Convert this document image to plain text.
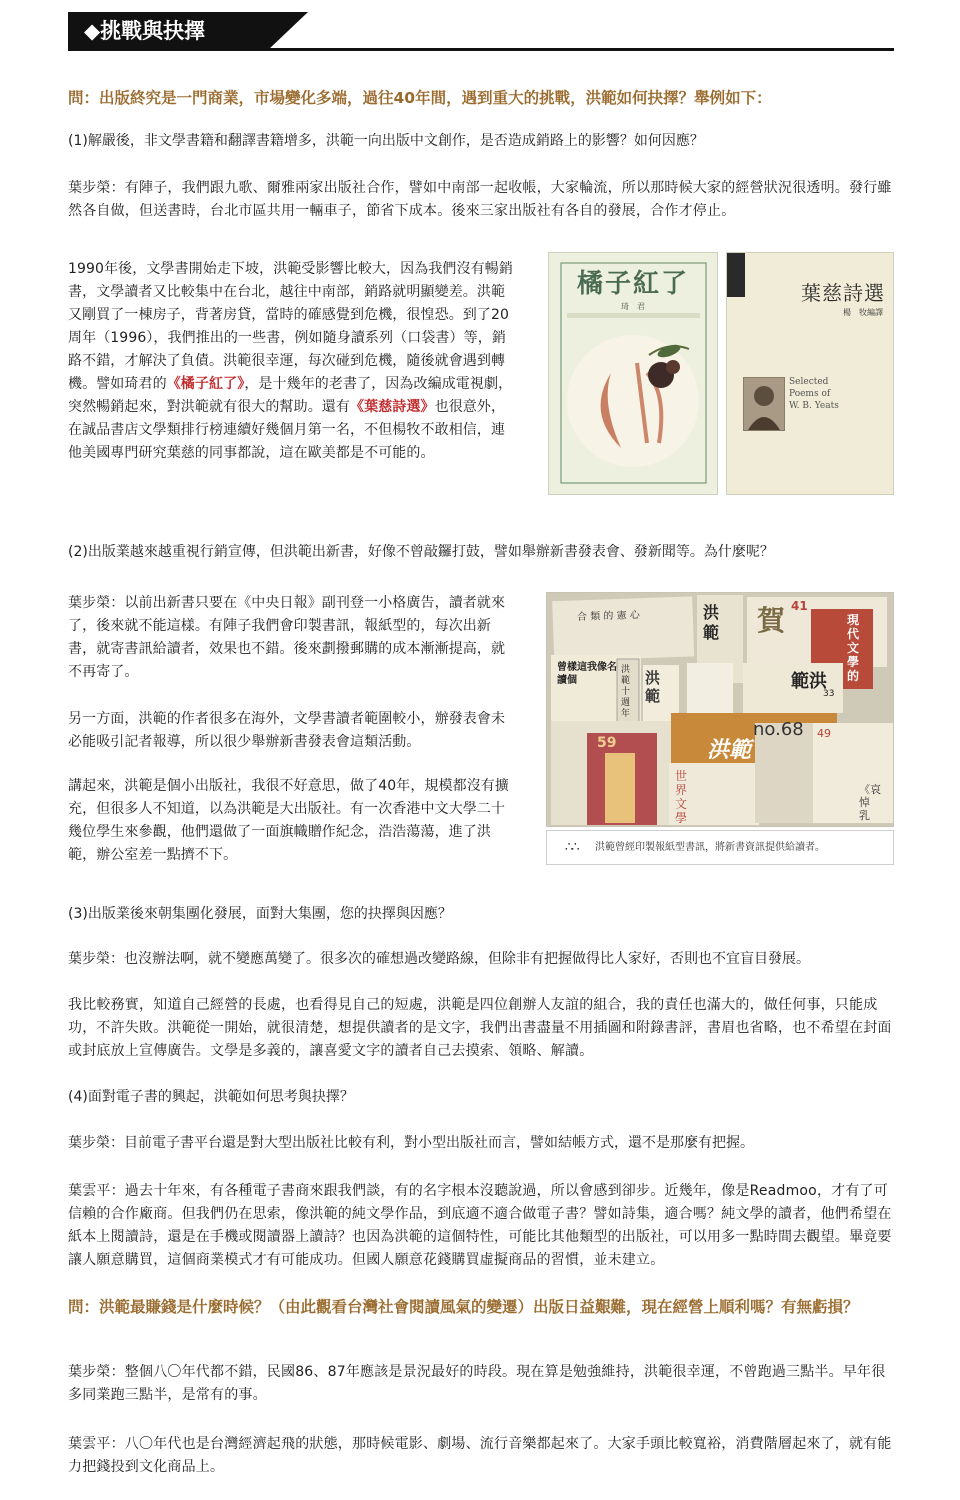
◆挑戰與抉擇

問：出版終究是一門商業，市場變化多端，過往40年間，遇到重大的挑戰，洪範如何抉擇？舉例如下：

(1)解嚴後，非文學書籍和翻譯書籍增多，洪範一向出版中文創作，是否造成銷路上的影響？如何因應？

葉步榮：有陣子，我們跟九歌、爾雅兩家出版社合作，譬如中南部一起收帳，大家輪流，所以那時候大家的經營狀況很透明。發行雖然各自做，但送書時，台北市區共用一輛車子，節省下成本。後來三家出版社有各自的發展，合作才停止。

1990年後，文學書開始走下坡，洪範受影響比較大，因為我們沒有暢銷書，文學讀者又比較集中在台北，越往中南部，銷路就明顯變差。洪範又剛買了一棟房子，背著房貸，當時的確感覺到危機，很惶恐。到了20周年（1996），我們推出的一些書，例如隨身讀系列（口袋書）等，銷路不錯，才解決了負債。洪範很幸運，每次碰到危機，隨後就會遇到轉機。譬如琦君的《橘子紅了》，是十幾年的老書了，因為改編成電視劇，突然暢銷起來，對洪範就有很大的幫助。還有《葉慈詩選》也很意外，在誠品書店文學類排行榜連續好幾個月第一名，不但楊牧不敢相信，連他美國專門研究葉慈的同事都說，這在歐美都是不可能的。

橘子紅了
琦　君
葉慈詩選
楊　牧編譯
Selected
Poems of
W. B. Yeats

(2)出版業越來越重視行銷宣傳，但洪範出新書，好像不曾敲鑼打鼓，譬如舉辦新書發表會、發新聞等。為什麼呢？

葉步榮：以前出新書只要在《中央日報》副刊登一小格廣告，讀者就來了，後來就不能這樣。有陣子我們會印製書訊，報紙型的，每次出新書，就寄書訊給讀者，效果也不錯。後來劃撥郵購的成本漸漸提高，就不再寄了。

另一方面，洪範的作者很多在海外，文學書讀者範圍較小，辦發表會未必能吸引記者報導，所以很少舉辦新書發表會這類活動。

講起來，洪範是個小出版社，我很不好意思，做了40年，規模都沒有擴充，但很多人不知道，以為洪範是大出版社。有一次香港中文大學二十幾位學生來參觀，他們還做了一面旗幟贈作紀念，浩浩蕩蕩，進了洪範，辦公室差一點擠不下。

合 類 的 憲 心	洪範 賀 41
現代文學的
範洪
33
曾樣這我像名讀個
洪範十週年
洪範
no.68
洪範
59
49
世界文學
《哀悼乳
∴∴ 洪範曾經印製報紙型書訊，將新書資訊提供給讀者。

(3)出版業後來朝集團化發展，面對大集團，您的抉擇與因應？

葉步榮：也沒辦法啊，就不變應萬變了。很多次的確想過改變路線，但除非有把握做得比人家好，否則也不宜盲目發展。

我比較務實，知道自己經營的長處，也看得見自己的短處，洪範是四位創辦人友誼的組合，我的責任也滿大的，做任何事，只能成功，不許失敗。洪範從一開始，就很清楚，想提供讀者的是文字，我們出書盡量不用插圖和附錄書評，書眉也省略，也不希望在封面或封底放上宣傳廣告。文學是多義的，讓喜愛文字的讀者自己去摸索、領略、解讀。

(4)面對電子書的興起，洪範如何思考與抉擇？

葉步榮：目前電子書平台還是對大型出版社比較有利，對小型出版社而言，譬如結帳方式，還不是那麼有把握。

葉雲平：過去十年來，有各種電子書商來跟我們談，有的名字根本沒聽說過，所以會感到卻步。近幾年，像是Readmoo，才有了可信賴的合作廠商。但我們仍在思索，像洪範的純文學作品，到底適不適合做電子書？譬如詩集，適合嗎？純文學的讀者，他們希望在紙本上閱讀詩，還是在手機或閱讀器上讀詩？也因為洪範的這個特性，可能比其他類型的出版社，可以用多一點時間去觀望。畢竟要讓人願意購買，這個商業模式才有可能成功。但國人願意花錢購買虛擬商品的習慣，並未建立。

問：洪範最賺錢是什麼時候？（由此觀看台灣社會閱讀風氣的變遷）出版日益艱難，現在經營上順利嗎？有無虧損？

葉步榮：整個八〇年代都不錯，民國86、87年應該是景況最好的時段。現在算是勉強維持，洪範很幸運，不曾跑過三點半。早年很多同業跑三點半，是常有的事。

葉雲平：八〇年代也是台灣經濟起飛的狀態，那時候電影、劇場、流行音樂都起來了。大家手頭比較寬裕，消費階層起來了，就有能力把錢投到文化商品上。
